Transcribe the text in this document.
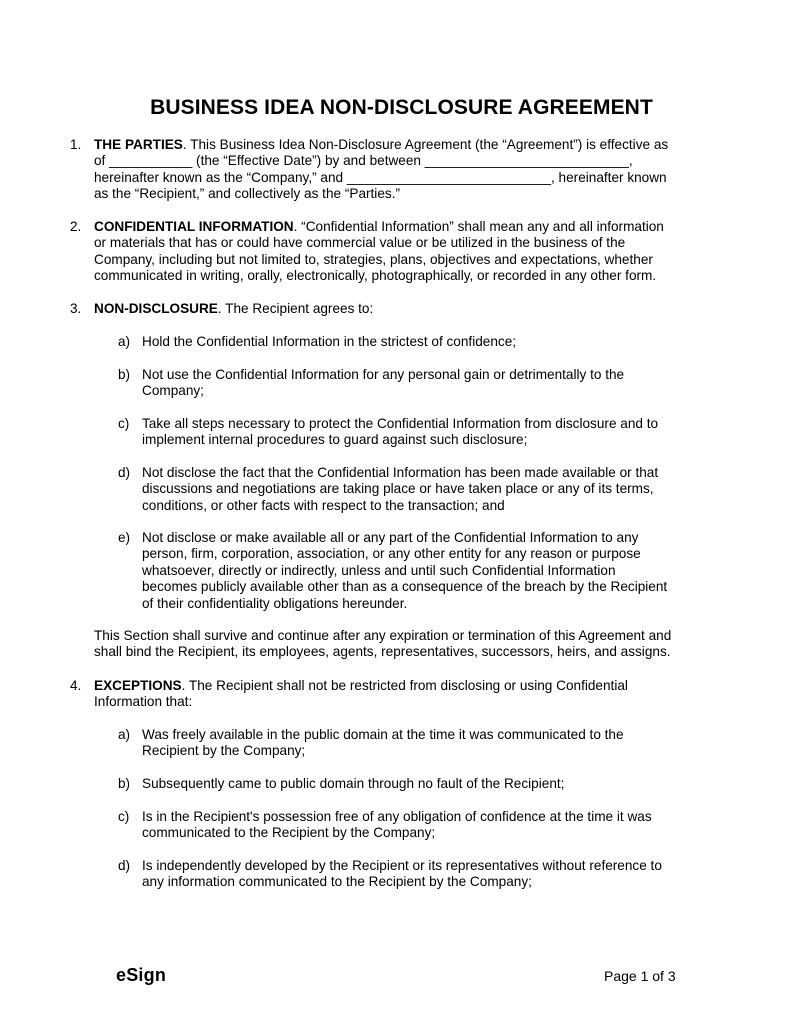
BUSINESS IDEA NON-DISCLOSURE AGREEMENT
1. THE PARTIES. This Business Idea Non-Disclosure Agreement (the “Agreement”) is effective as
of ___________ (the “Effective Date”) by and between ___________________________,
hereinafter known as the “Company,” and ___________________________, hereinafter known
as the “Recipient,” and collectively as the “Parties.”
2. CONFIDENTIAL INFORMATION. “Confidential Information” shall mean any and all information
or materials that has or could have commercial value or be utilized in the business of the
Company, including but not limited to, strategies, plans, objectives and expectations, whether
communicated in writing, orally, electronically, photographically, or recorded in any other form.
3. NON-DISCLOSURE. The Recipient agrees to:
a) Hold the Confidential Information in the strictest of confidence;
b) Not use the Confidential Information for any personal gain or detrimentally to the
Company;
c) Take all steps necessary to protect the Confidential Information from disclosure and to
implement internal procedures to guard against such disclosure;
d) Not disclose the fact that the Confidential Information has been made available or that
discussions and negotiations are taking place or have taken place or any of its terms,
conditions, or other facts with respect to the transaction; and
e) Not disclose or make available all or any part of the Confidential Information to any
person, firm, corporation, association, or any other entity for any reason or purpose
whatsoever, directly or indirectly, unless and until such Confidential Information
becomes publicly available other than as a consequence of the breach by the Recipient
of their confidentiality obligations hereunder.
This Section shall survive and continue after any expiration or termination of this Agreement and
shall bind the Recipient, its employees, agents, representatives, successors, heirs, and assigns.
4. EXCEPTIONS. The Recipient shall not be restricted from disclosing or using Confidential
Information that:
a) Was freely available in the public domain at the time it was communicated to the
Recipient by the Company;
b) Subsequently came to public domain through no fault of the Recipient;
c) Is in the Recipient's possession free of any obligation of confidence at the time it was
communicated to the Recipient by the Company;
d) Is independently developed by the Recipient or its representatives without reference to
any information communicated to the Recipient by the Company;
eSign	Page 1 of 3
